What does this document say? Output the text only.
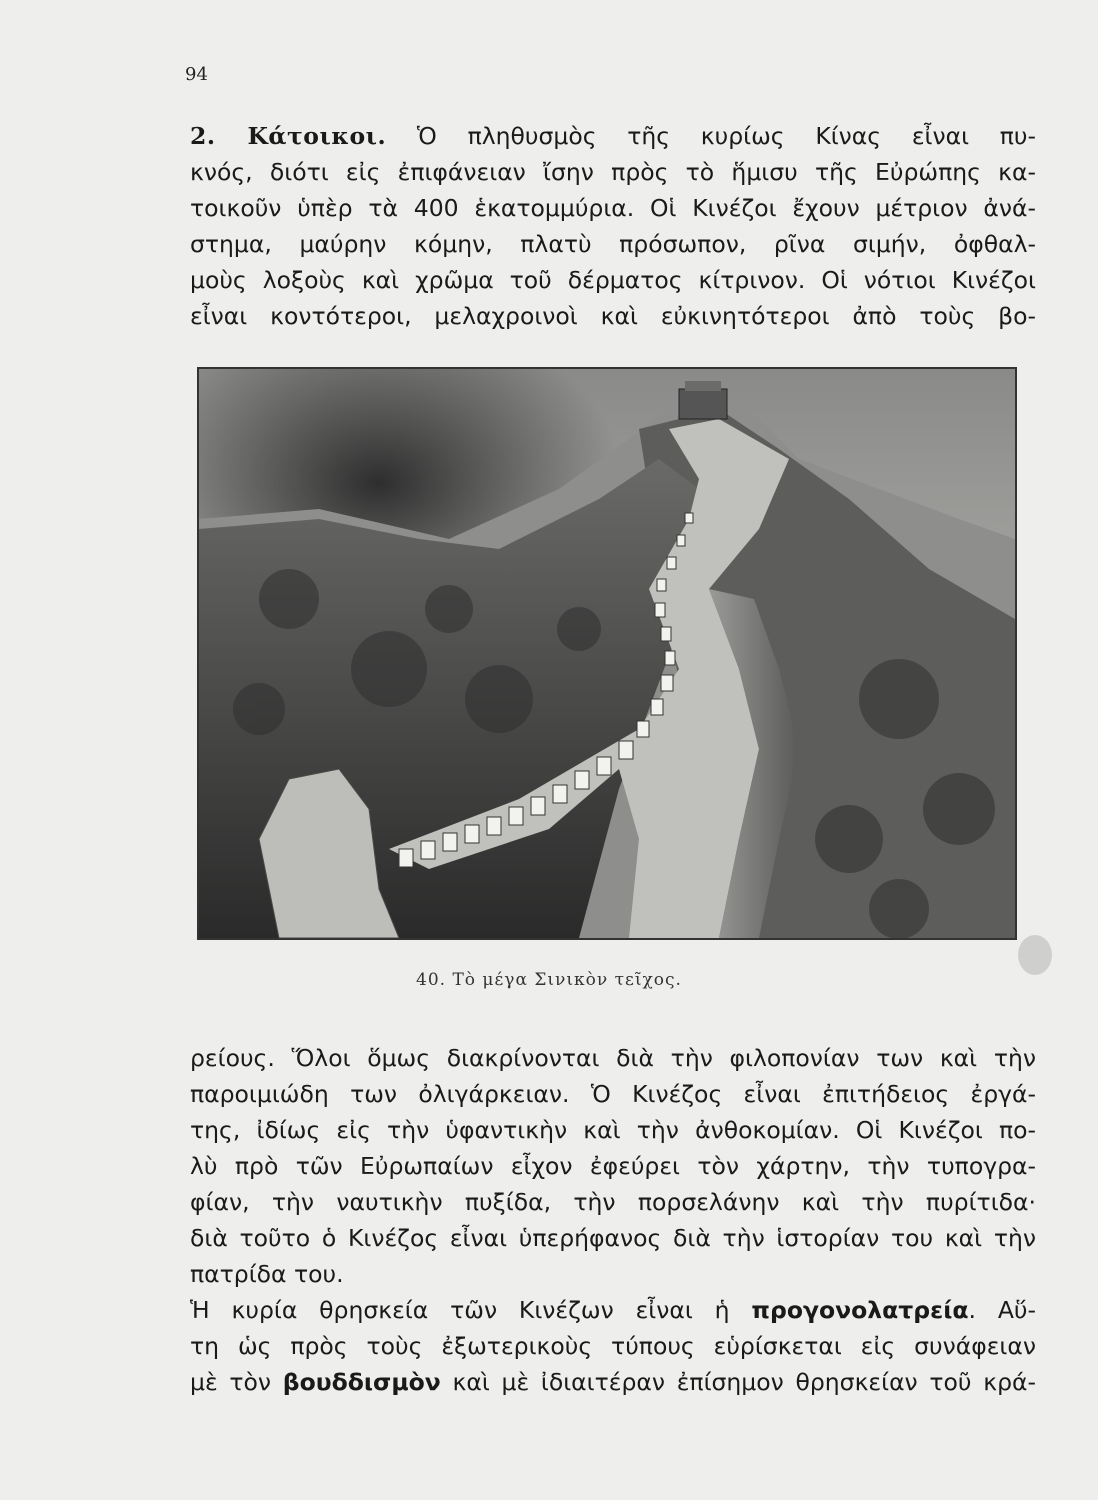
94

2. Κάτοικοι. Ὁ πληθυσμὸς τῆς κυρίως Κίνας εἶναι πυ-
κνός, διότι εἰς ἐπιφάνειαν ἴσην πρὸς τὸ ἥμισυ τῆς Εὐρώπης κα-
τοικοῦν ὑπὲρ τὰ 400 ἑκατομμύρια. Οἱ Κινέζοι ἔχουν μέτριον ἀνά-
στημα, μαύρην κόμην, πλατὺ πρόσωπον, ρῖνα σιμήν, ὀφθαλ-
μοὺς λοξοὺς καὶ χρῶμα τοῦ δέρματος κίτρινον. Οἱ νότιοι Κινέζοι
εἶναι κοντότεροι, μελαχροινοὶ καὶ εὐκινητότεροι ἀπὸ τοὺς βο-

40. Τὸ μέγα Σινικὸν τεῖχος.

ρείους. Ὅλοι ὅμως διακρίνονται διὰ τὴν φιλοπονίαν των καὶ τὴν
παροιμιώδη των ὀλιγάρκειαν. Ὁ Κινέζος εἶναι ἐπιτήδειος ἐργά-
της, ἰδίως εἰς τὴν ὑφαντικὴν καὶ τὴν ἀνθοκομίαν. Οἱ Κινέζοι πο-
λὺ πρὸ τῶν Εὐρωπαίων εἶχον ἐφεύρει τὸν χάρτην, τὴν τυπογρα-
φίαν, τὴν ναυτικὴν πυξίδα, τὴν πορσελάνην καὶ τὴν πυρίτιδα·
διὰ τοῦτο ὁ Κινέζος εἶναι ὑπερήφανος διὰ τὴν ἱστορίαν του καὶ τὴν
πατρίδα του.

Ἡ κυρία θρησκεία τῶν Κινέζων εἶναι ἡ προγονολατρεία. Αὕ-
τη ὡς πρὸς τοὺς ἐξωτερικοὺς τύπους εὑρίσκεται εἰς συνάφειαν
μὲ τὸν βουδδισμὸν καὶ μὲ ἰδιαιτέραν ἐπίσημον θρησκείαν τοῦ κρά-
